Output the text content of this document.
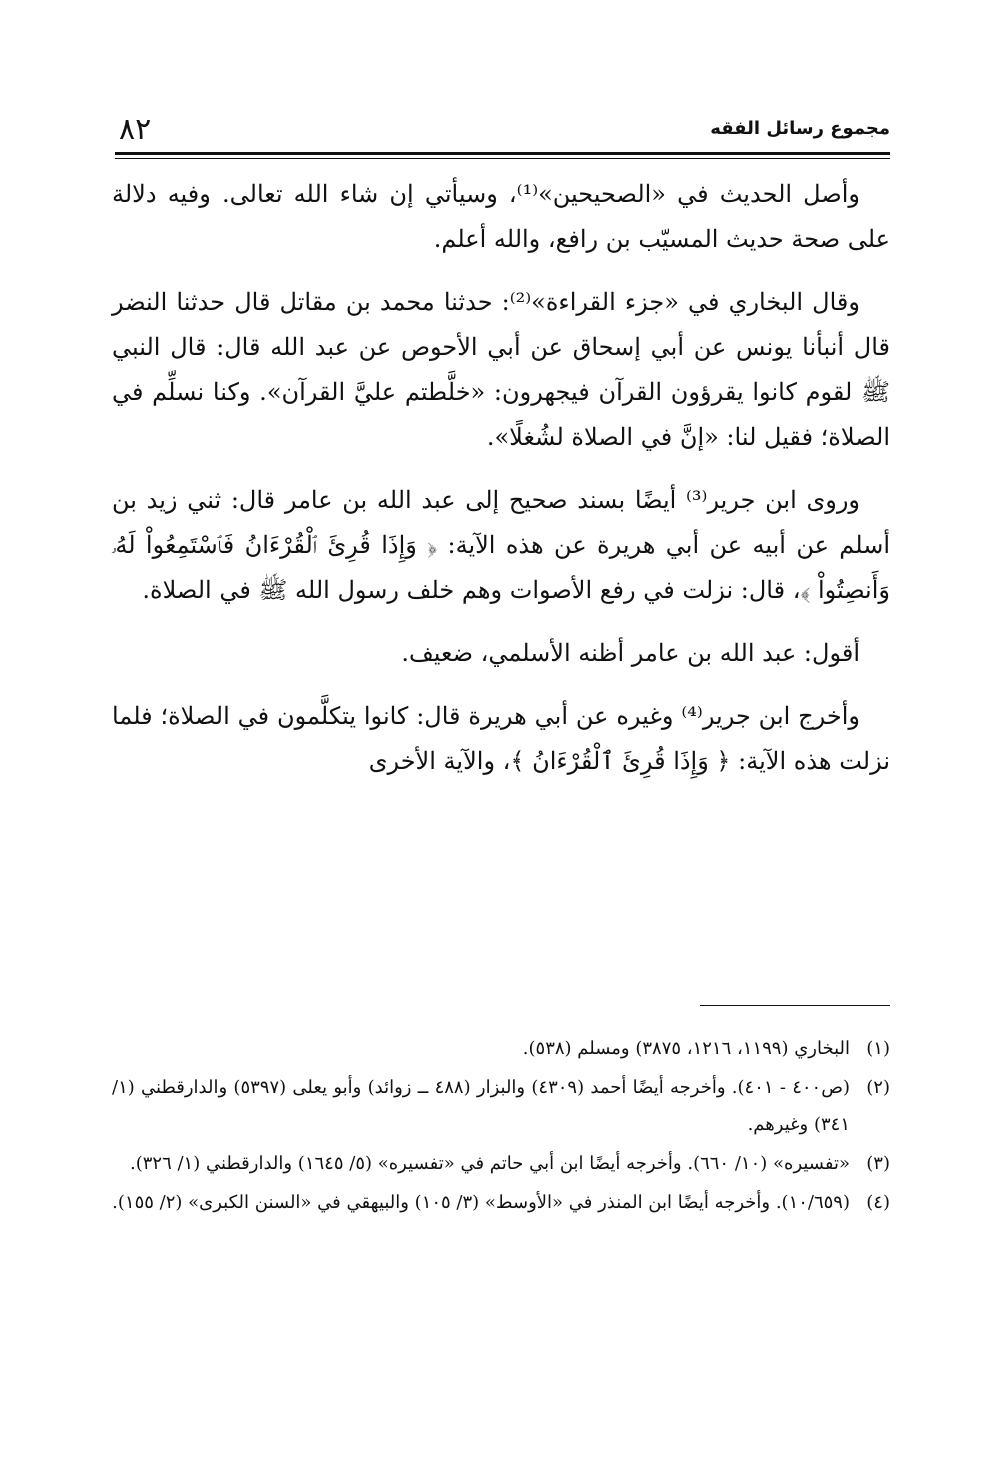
مجموع رسائل الفقه
٨٢

وأصل الحديث في «الصحيحين»⁽¹⁾، وسيأتي إن شاء الله تعالى. وفيه دلالة على صحة حديث المسيّب بن رافع، والله أعلم.

وقال البخاري في «جزء القراءة»⁽²⁾: حدثنا محمد بن مقاتل قال حدثنا النضر قال أنبأنا يونس عن أبي إسحاق عن أبي الأحوص عن عبد الله قال: قال النبي ﷺ لقوم كانوا يقرؤون القرآن فيجهرون: «خلَّطتم عليَّ القرآن». وكنا نسلِّم في الصلاة؛ فقيل لنا: «إنَّ في الصلاة لشُغلًا».

وروى ابن جرير⁽³⁾ أيضًا بسند صحيح إلى عبد الله بن عامر قال: ثني زيد بن أسلم عن أبيه عن أبي هريرة عن هذه الآية: ﴿ وَإِذَا قُرِئَ ٱلْقُرْءَانُ فَٱسْتَمِعُواْ لَهُۥ وَأَنصِتُواْ ﴾، قال: نزلت في رفع الأصوات وهم خلف رسول الله ﷺ في الصلاة.

أقول: عبد الله بن عامر أظنه الأسلمي، ضعيف.

وأخرج ابن جرير⁽⁴⁾ وغيره عن أبي هريرة قال: كانوا يتكلَّمون في الصلاة؛ فلما نزلت هذه الآية: ﴿ وَإِذَا قُرِئَ ٱلْقُرْءَانُ ﴾، والآية الأخرى

(١)
البخاري (١١٩٩، ١٢١٦، ٣٨٧٥) ومسلم (٥٣٨).
(٢)
(ص٤٠٠ - ٤٠١). وأخرجه أيضًا أحمد (٤٣٠٩) والبزار (٤٨٨ ــ زوائد) وأبو يعلى (٥٣٩٧) والدارقطني (١/ ٣٤١) وغيرهم.
(٣)
«تفسيره» (١٠/ ٦٦٠). وأخرجه أيضًا ابن أبي حاتم في «تفسيره» (٥/ ١٦٤٥) والدارقطني (١/ ٣٢٦).
(٤)
(١٠/٦٥٩). وأخرجه أيضًا ابن المنذر في «الأوسط» (٣/ ١٠٥) والبيهقي في «السنن الكبرى» (٢/ ١٥٥).
